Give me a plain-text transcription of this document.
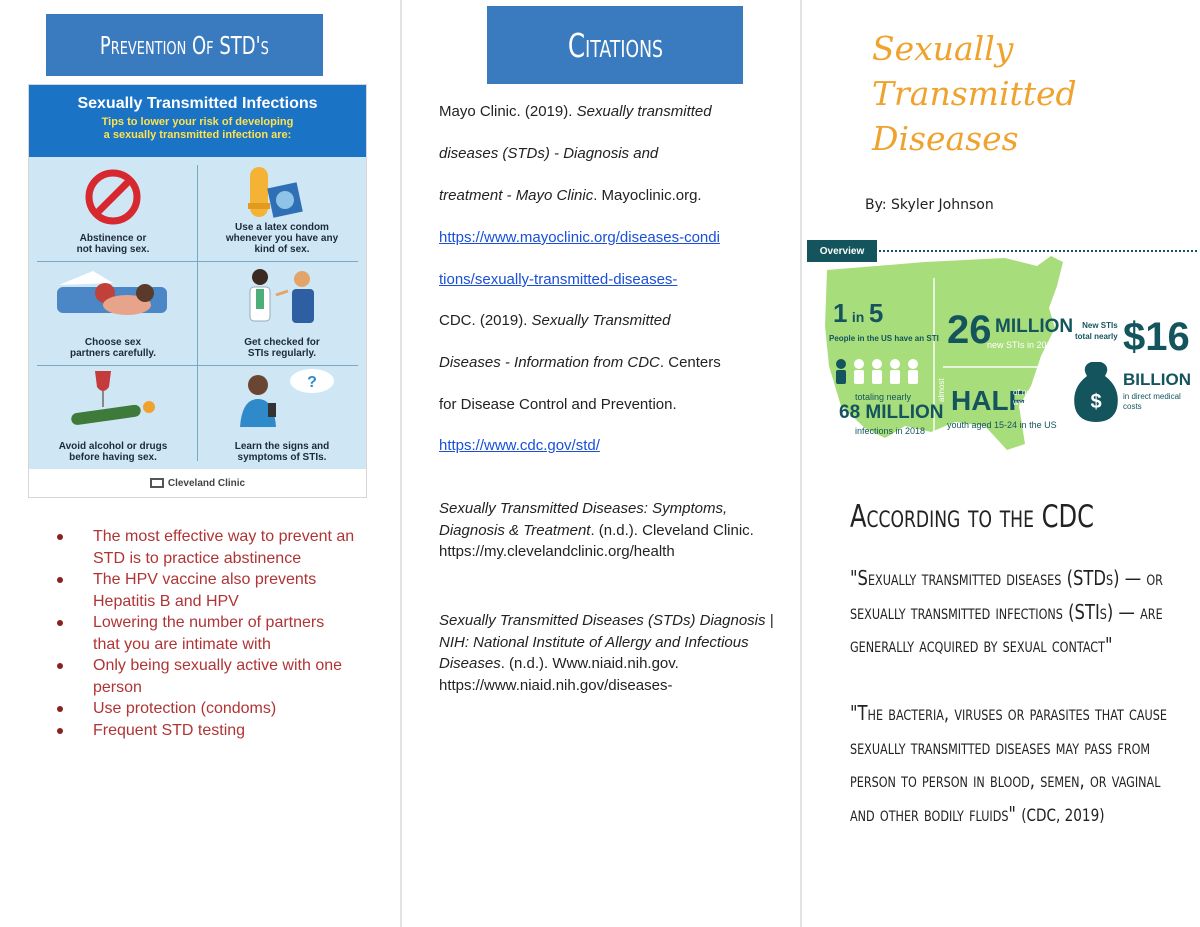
Prevention Of STD's
Sexually Transmitted Infections
Tips to lower your risk of developing
a sexually transmitted infection are:
Abstinence or
not having sex.
Use a latex condom
whenever you have any
kind of sex.
Choose sex
partners carefully.
Get checked for
STIs regularly.
Avoid alcohol or drugs
before having sex.
?
Learn the signs and
symptoms of STIs.
Cleveland Clinic
The most effective way to prevent an STD is to practice abstinence
The HPV vaccine also prevents Hepatitis B and HPV
Lowering the number of partners that you are intimate with
Only being sexually active with one person
Use protection (condoms)
Frequent STD testing
Citations
Mayo Clinic. (2019). Sexually transmitted
diseases (STDs) - Diagnosis and
treatment - Mayo Clinic. Mayoclinic.org.
https://www.mayoclinic.org/diseases-condi
tions/sexually-transmitted-diseases-
CDC. (2019). Sexually Transmitted
Diseases - Information from CDC. Centers
for Disease Control and Prevention.
https://www.cdc.gov/std/
Sexually Transmitted Diseases: Symptoms, Diagnosis & Treatment. (n.d.). Cleveland Clinic. https://my.clevelandclinic.org/health
Sexually Transmitted Diseases (STDs) Diagnosis | NIH: National Institute of Allergy and Infectious Diseases. (n.d.). Www.niaid.nih.gov. https://www.niaid.nih.gov/diseases-
Sexually
Transmitted
Diseases
By: Skyler Johnson
Overview
$
1 in 5
People in the US have an STI
totaling nearly
68 MILLION
infections in 2018
26 MILLION
new STIs in 2018
almost HALF
of new STIs
were among
youth aged 15-24 in the US
New STIs
total nearly $16
BILLION
in direct medical
costs
According to the CDC
"Sexually transmitted diseases (STDs) — or sexually transmitted infections (STIs) — are generally acquired by sexual contact"
"The bacteria, viruses or parasites that cause sexually transmitted diseases may pass from person to person in blood, semen, or vaginal and other bodily fluids" (CDC, 2019)
